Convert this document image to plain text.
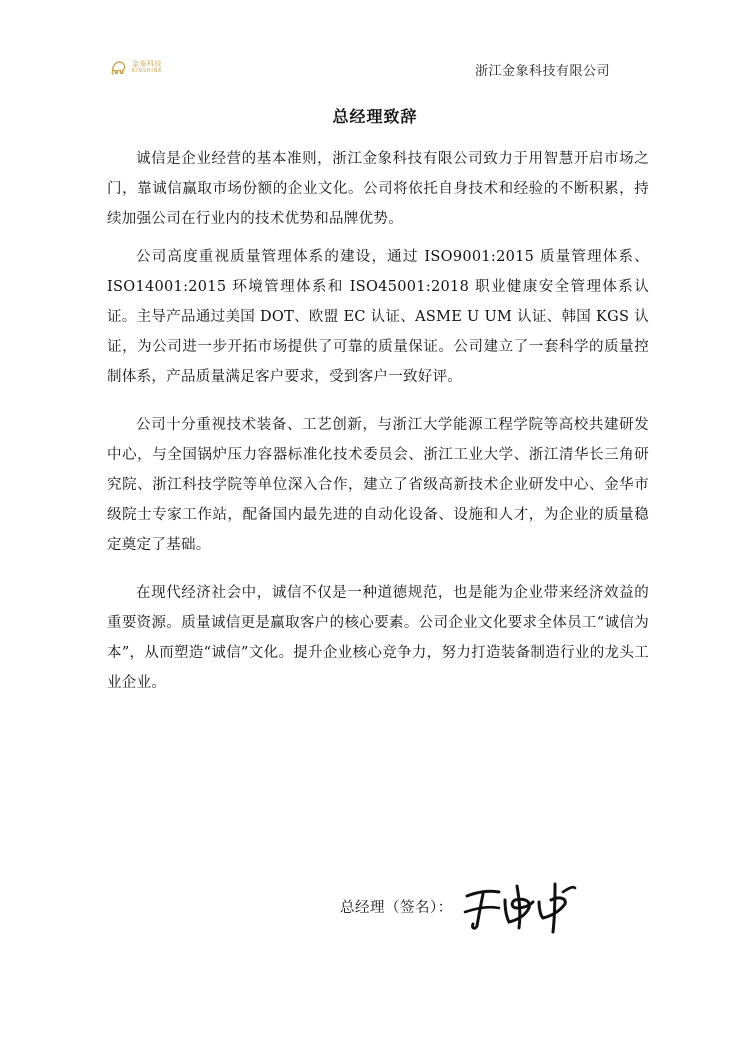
金象科技
KINSHINE	浙江金象科技有限公司
总经理致辞

诚信是企业经营的基本准则，浙江金象科技有限公司致力于用智慧开启市场之门，靠诚信赢取市场份额的企业文化。公司将依托自身技术和经验的不断积累，持续加强公司在行业内的技术优势和品牌优势。

公司高度重视质量管理体系的建设，通过 ISO9001:2015 质量管理体系、ISO14001:2015 环境管理体系和 ISO45001:2018 职业健康安全管理体系认证。主导产品通过美国 DOT、欧盟 EC 认证、ASME U UM 认证、韩国 KGS 认证，为公司进一步开拓市场提供了可靠的质量保证。公司建立了一套科学的质量控制体系，产品质量满足客户要求，受到客户一致好评。

公司十分重视技术装备、工艺创新，与浙江大学能源工程学院等高校共建研发中心，与全国锅炉压力容器标准化技术委员会、浙江工业大学、浙江清华长三角研究院、浙江科技学院等单位深入合作，建立了省级高新技术企业研发中心、金华市级院士专家工作站，配备国内最先进的自动化设备、设施和人才，为企业的质量稳定奠定了基础。

在现代经济社会中，诚信不仅是一种道德规范，也是能为企业带来经济效益的重要资源。质量诚信更是赢取客户的核心要素。公司企业文化要求全体员工“诚信为本”，从而塑造“诚信”文化。提升企业核心竞争力，努力打造装备制造行业的龙头工业企业。

总经理（签名）：
